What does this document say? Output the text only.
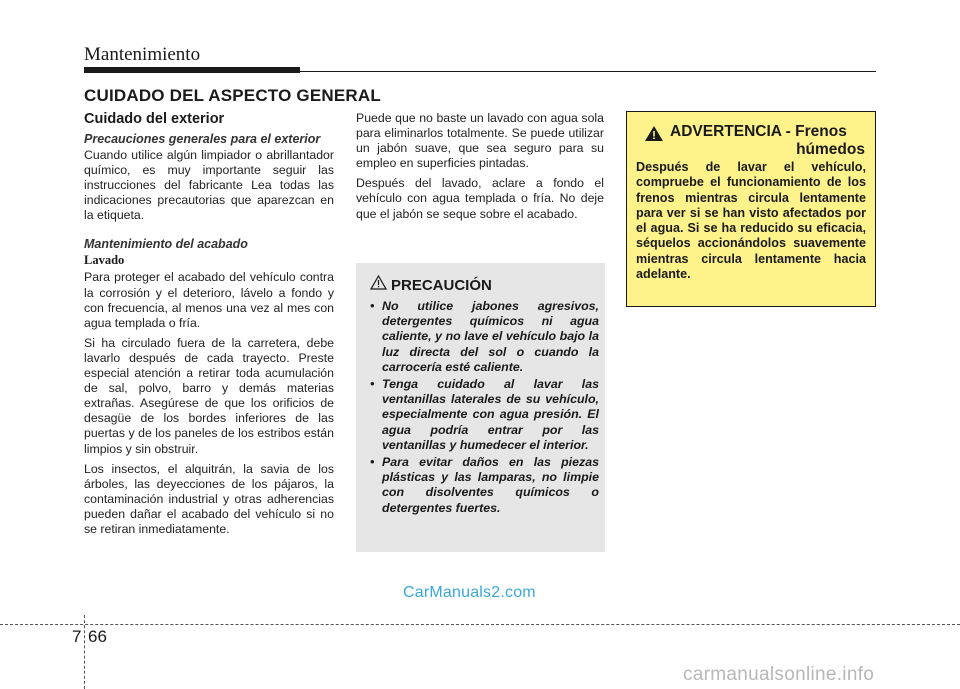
Mantenimiento
CUIDADO DEL ASPECTO GENERAL
Cuidado del exterior
Precauciones generales para el exterior

Cuando utilice algún limpiador o abrillantador químico, es muy importante seguir las instrucciones del fabricante Lea todas las indicaciones precautorias que aparezcan en la etiqueta.

Mantenimiento del acabado
Lavado

Para proteger el acabado del vehículo contra la corrosión y el deterioro, lávelo a fondo y con frecuencia, al menos una vez al mes con agua templada o fría.

Si ha circulado fuera de la carretera, debe lavarlo después de cada trayecto. Preste especial atención a retirar toda acumulación de sal, polvo, barro y demás materias extrañas. Asegúrese de que los orificios de desagüe de los bordes inferiores de las puertas y de los paneles de los estribos están limpios y sin obstruir.

Los insectos, el alquitrán, la savia de los árboles, las deyecciones de los pájaros, la contaminación industrial y otras adherencias pueden dañar el acabado del vehículo si no se retiran inmediatamente.

Puede que no baste un lavado con agua sola para eliminarlos totalmente. Se puede utilizar un jabón suave, que sea seguro para su empleo en superficies pintadas.

Después del lavado, aclare a fondo el vehículo con agua templada o fría. No deje que el jabón se seque sobre el acabado.

PRECAUCIÓN
• No utilice jabones agresivos, detergentes químicos ni agua caliente, y no lave el vehículo bajo la luz directa del sol o cuando la carrocería esté caliente.
• Tenga cuidado al lavar las ventanillas laterales de su vehículo, especialmente con agua presión. El agua podría entrar por las ventanillas y humedecer el interior.
• Para evitar daños en las piezas plásticas y las lamparas, no limpie con disolventes químicos o detergentes fuertes.
ADVERTENCIA - Frenos
húmedos

Después de lavar el vehículo, compruebe el funcionamiento de los frenos mientras circula lentamente para ver si se han visto afectados por el agua. Si se ha reducido su eficacia, séquelos accionándolos suavemente mientras circula lentamente hacia adelante.

CarManuals2.com
7 66
carmanualsonline.info
